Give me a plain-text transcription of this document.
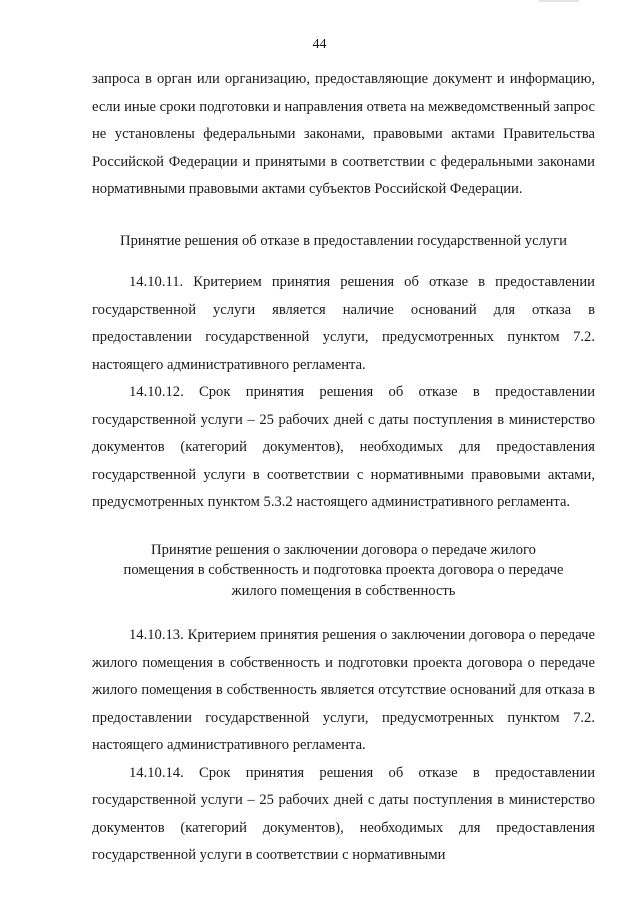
44

запроса в орган или организацию, предоставляющие документ и информацию, если иные сроки подготовки и направления ответа на межведомственный запрос не установлены федеральными законами, правовыми актами Правительства Российской Федерации и принятыми в соответствии с федеральными законами нормативными правовыми актами субъектов Российской Федерации.

Принятие решения об отказе в предоставлении государственной услуги

14.10.11. Критерием принятия решения об отказе в предоставлении государственной услуги является наличие оснований для отказа в предоставлении государственной услуги, предусмотренных пунктом 7.2. настоящего административного регламента.

14.10.12. Срок принятия решения об отказе в предоставлении государственной услуги – 25 рабочих дней с даты поступления в министерство документов (категорий документов), необходимых для предоставления государственной услуги в соответствии с нормативными правовыми актами, предусмотренных пунктом 5.3.2 настоящего административного регламента.

Принятие решения о заключении договора о передаче жилого помещения в собственность и подготовка проекта договора о передаче жилого помещения в собственность

14.10.13. Критерием принятия решения о заключении договора о передаче жилого помещения в собственность и подготовки проекта договора о передаче жилого помещения в собственность является отсутствие оснований для отказа в предоставлении государственной услуги, предусмотренных пунктом 7.2. настоящего административного регламента.

14.10.14. Срок принятия решения об отказе в предоставлении государственной услуги – 25 рабочих дней с даты поступления в министерство документов (категорий документов), необходимых для предоставления государственной услуги в соответствии с нормативными
